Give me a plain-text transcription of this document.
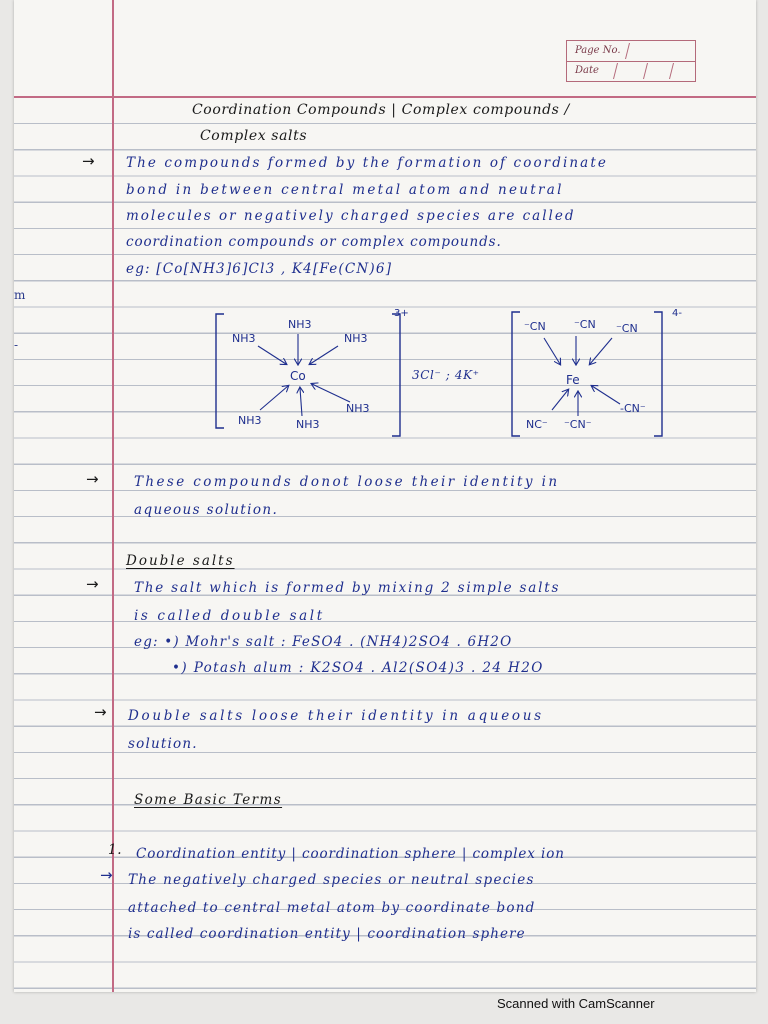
m
-
Page No.
Date
Coordination Compounds | Complex compounds /
Complex salts
→ The compounds formed by the formation of coordinate
bond in between central metal atom and neutral
molecules or negatively charged species are called
coordination compounds or complex compounds.
eg: [Co[NH3]6]Cl3 , K4[Fe(CN)6]
NH3
NH3	NH3
Co
NH3
NH3	NH3
3+
3Cl⁻ ; 4K⁺
⁻CN	⁻CN ⁻CN
Fe
-CN⁻
NC⁻ ⁻CN⁻
4-
→	These compounds donot loose their identity in
aqueous solution.
Double salts
→	The salt which is formed by mixing 2 simple salts
is called double salt
eg: •) Mohr's salt : FeSO4 . (NH4)2SO4 . 6H2O
•) Potash alum : K2SO4 . Al2(SO4)3 . 24 H2O
→ Double salts loose their identity in aqueous
solution.
Some Basic Terms
1. Coordination entity | coordination sphere | complex ion
→ The negatively charged species or neutral species
attached to central metal atom by coordinate bond
is called coordination entity | coordination sphere
Scanned with CamScanner
